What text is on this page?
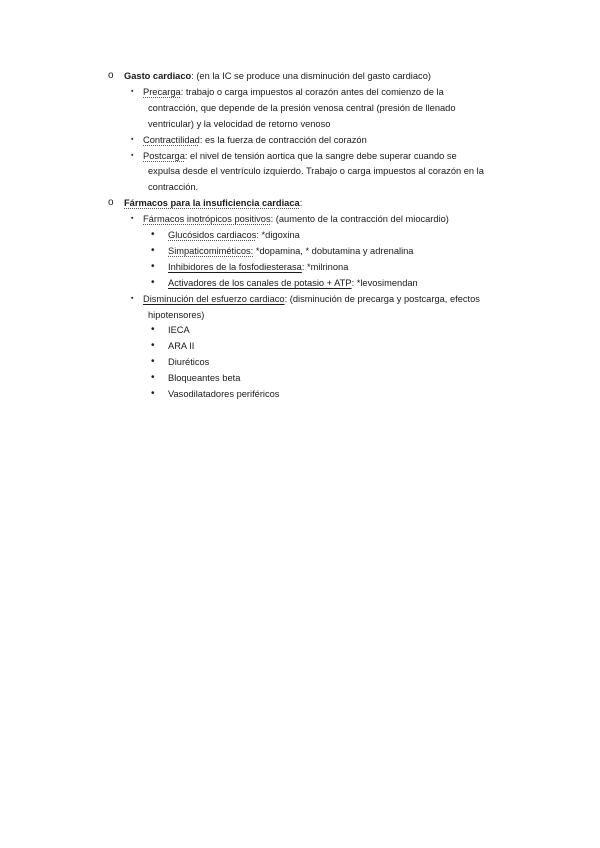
o Gasto cardiaco: (en la IC se produce una disminución del gasto cardiaco)
▪ Precarga: trabajo o carga impuestos al corazón antes del comienzo de la
contracción, que depende de la presión venosa central (presión de llenado
ventricular) y la velocidad de retorno venoso
▪ Contractilidad: es la fuerza de contracción del corazón
▪ Postcarga: el nivel de tensión aortica que la sangre debe superar cuando se
expulsa desde el ventrículo izquierdo. Trabajo o carga impuestos al corazón en la
contracción.
o Fármacos para la insuficiencia cardiaca:
▪ Fármacos inotrópicos positivos: (aumento de la contracción del miocardio)
• Glucósidos cardiacos: *digoxina
• Simpaticomiméticos: *dopamina, * dobutamina y adrenalina
• Inhibidores de la fosfodiesterasa: *milrinona
• Activadores de los canales de potasio + ATP: *levosimendan
▪ Disminución del esfuerzo cardiaco: (disminución de precarga y postcarga, efectos
hipotensores)
• IECA
• ARA II
• Diuréticos
• Bloqueantes beta
• Vasodilatadores periféricos
